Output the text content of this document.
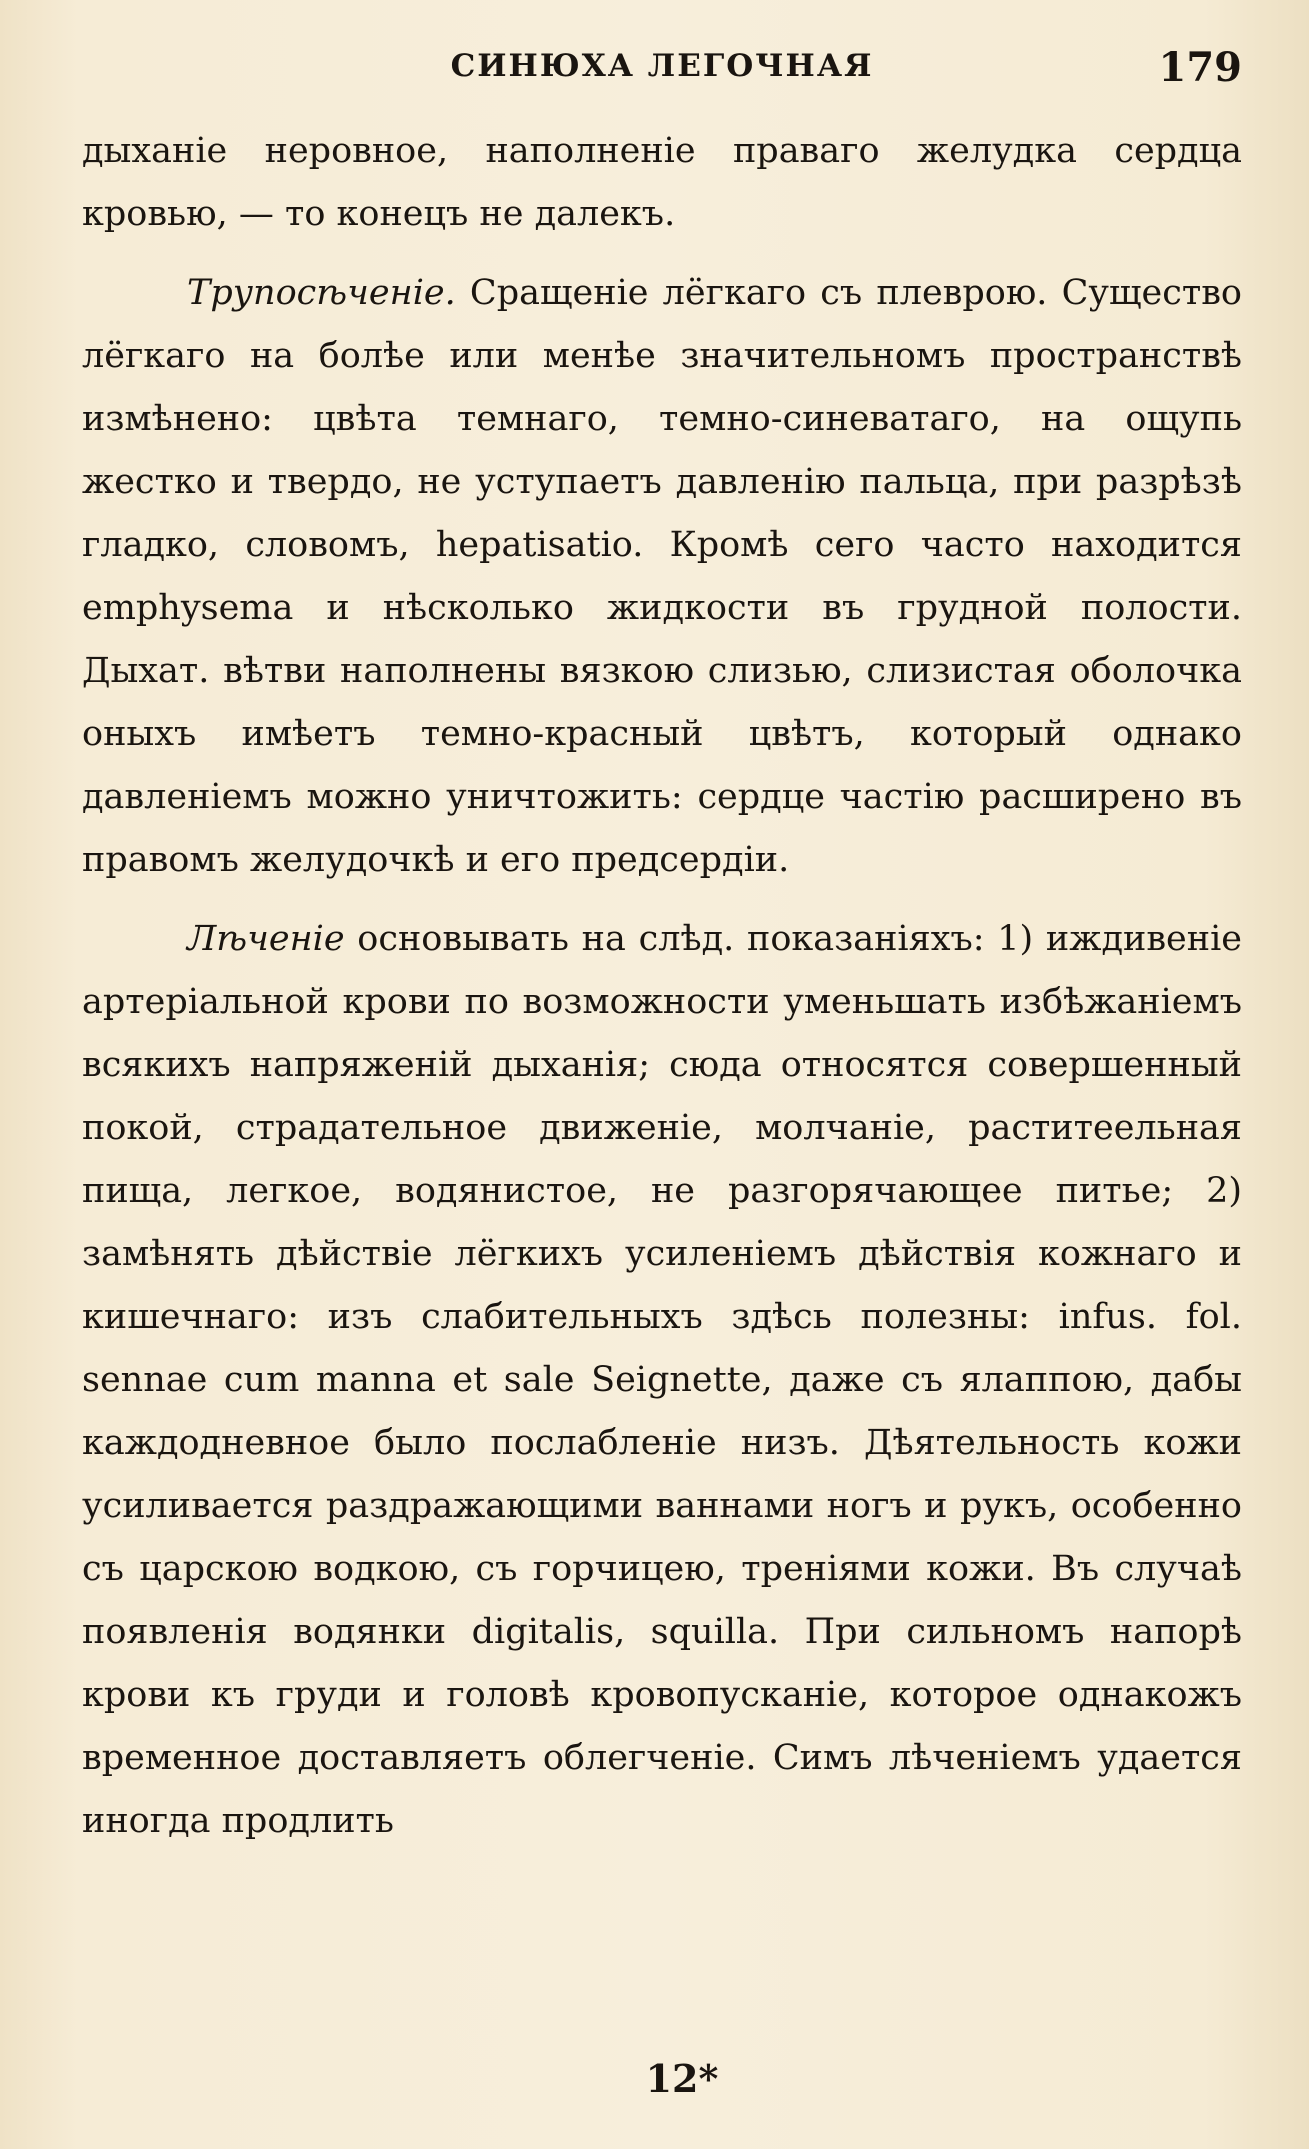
СИНЮХА ЛЕГОЧНАЯ	179

дыханіе неровное, наполненіе праваго желудка сердца кровью, — то конецъ не далекъ.

Трупосѣченіе. Сращеніе лёгкаго съ плеврою. Существо лёгкаго на болѣе или менѣе значительномъ пространствѣ измѣнено: цвѣта темнаго, темно-синеватаго, на ощупь жестко и твердо, не уступаетъ давленію пальца, при разрѣзѣ гладко, словомъ, hepatisatio. Кромѣ сего часто находится emphysema и нѣсколько жидкости въ грудной полости. Дыхат. вѣтви наполнены вязкою слизью, слизистая оболочка оныхъ имѣетъ темно-красный цвѣтъ, который однако давленіемъ можно уничтожить: сердце частію расширено въ правомъ желудочкѣ и его предсердіи.

Лѣченіе основывать на слѣд. показаніяхъ: 1) иждивеніе артеріальной крови по возможности уменьшать избѣжаніемъ всякихъ напряженій дыханія; сюда относятся совершенный покой, страдательное движеніе, молчаніе, раститеельная пища, легкое, водянистое, не разгорячающее питье; 2) замѣнять дѣйствіе лёгкихъ усиленіемъ дѣйствія кожнаго и кишечнаго: изъ слабительныхъ здѣсь полезны: infus. fol. sennae cum manna et sale Seignette, даже съ ялаппою, дабы каждодневное было послабленіе низъ. Дѣятельность кожи усиливается раздражающими ваннами ногъ и рукъ, особенно съ царскою водкою, съ горчицею, треніями кожи. Въ случаѣ появленія водянки digitalis, squilla. При сильномъ напорѣ крови къ груди и головѣ кровопусканіе, которое однакожъ временное доставляетъ облегченіе. Симъ лѣченіемъ удается иногда продлить

12*
